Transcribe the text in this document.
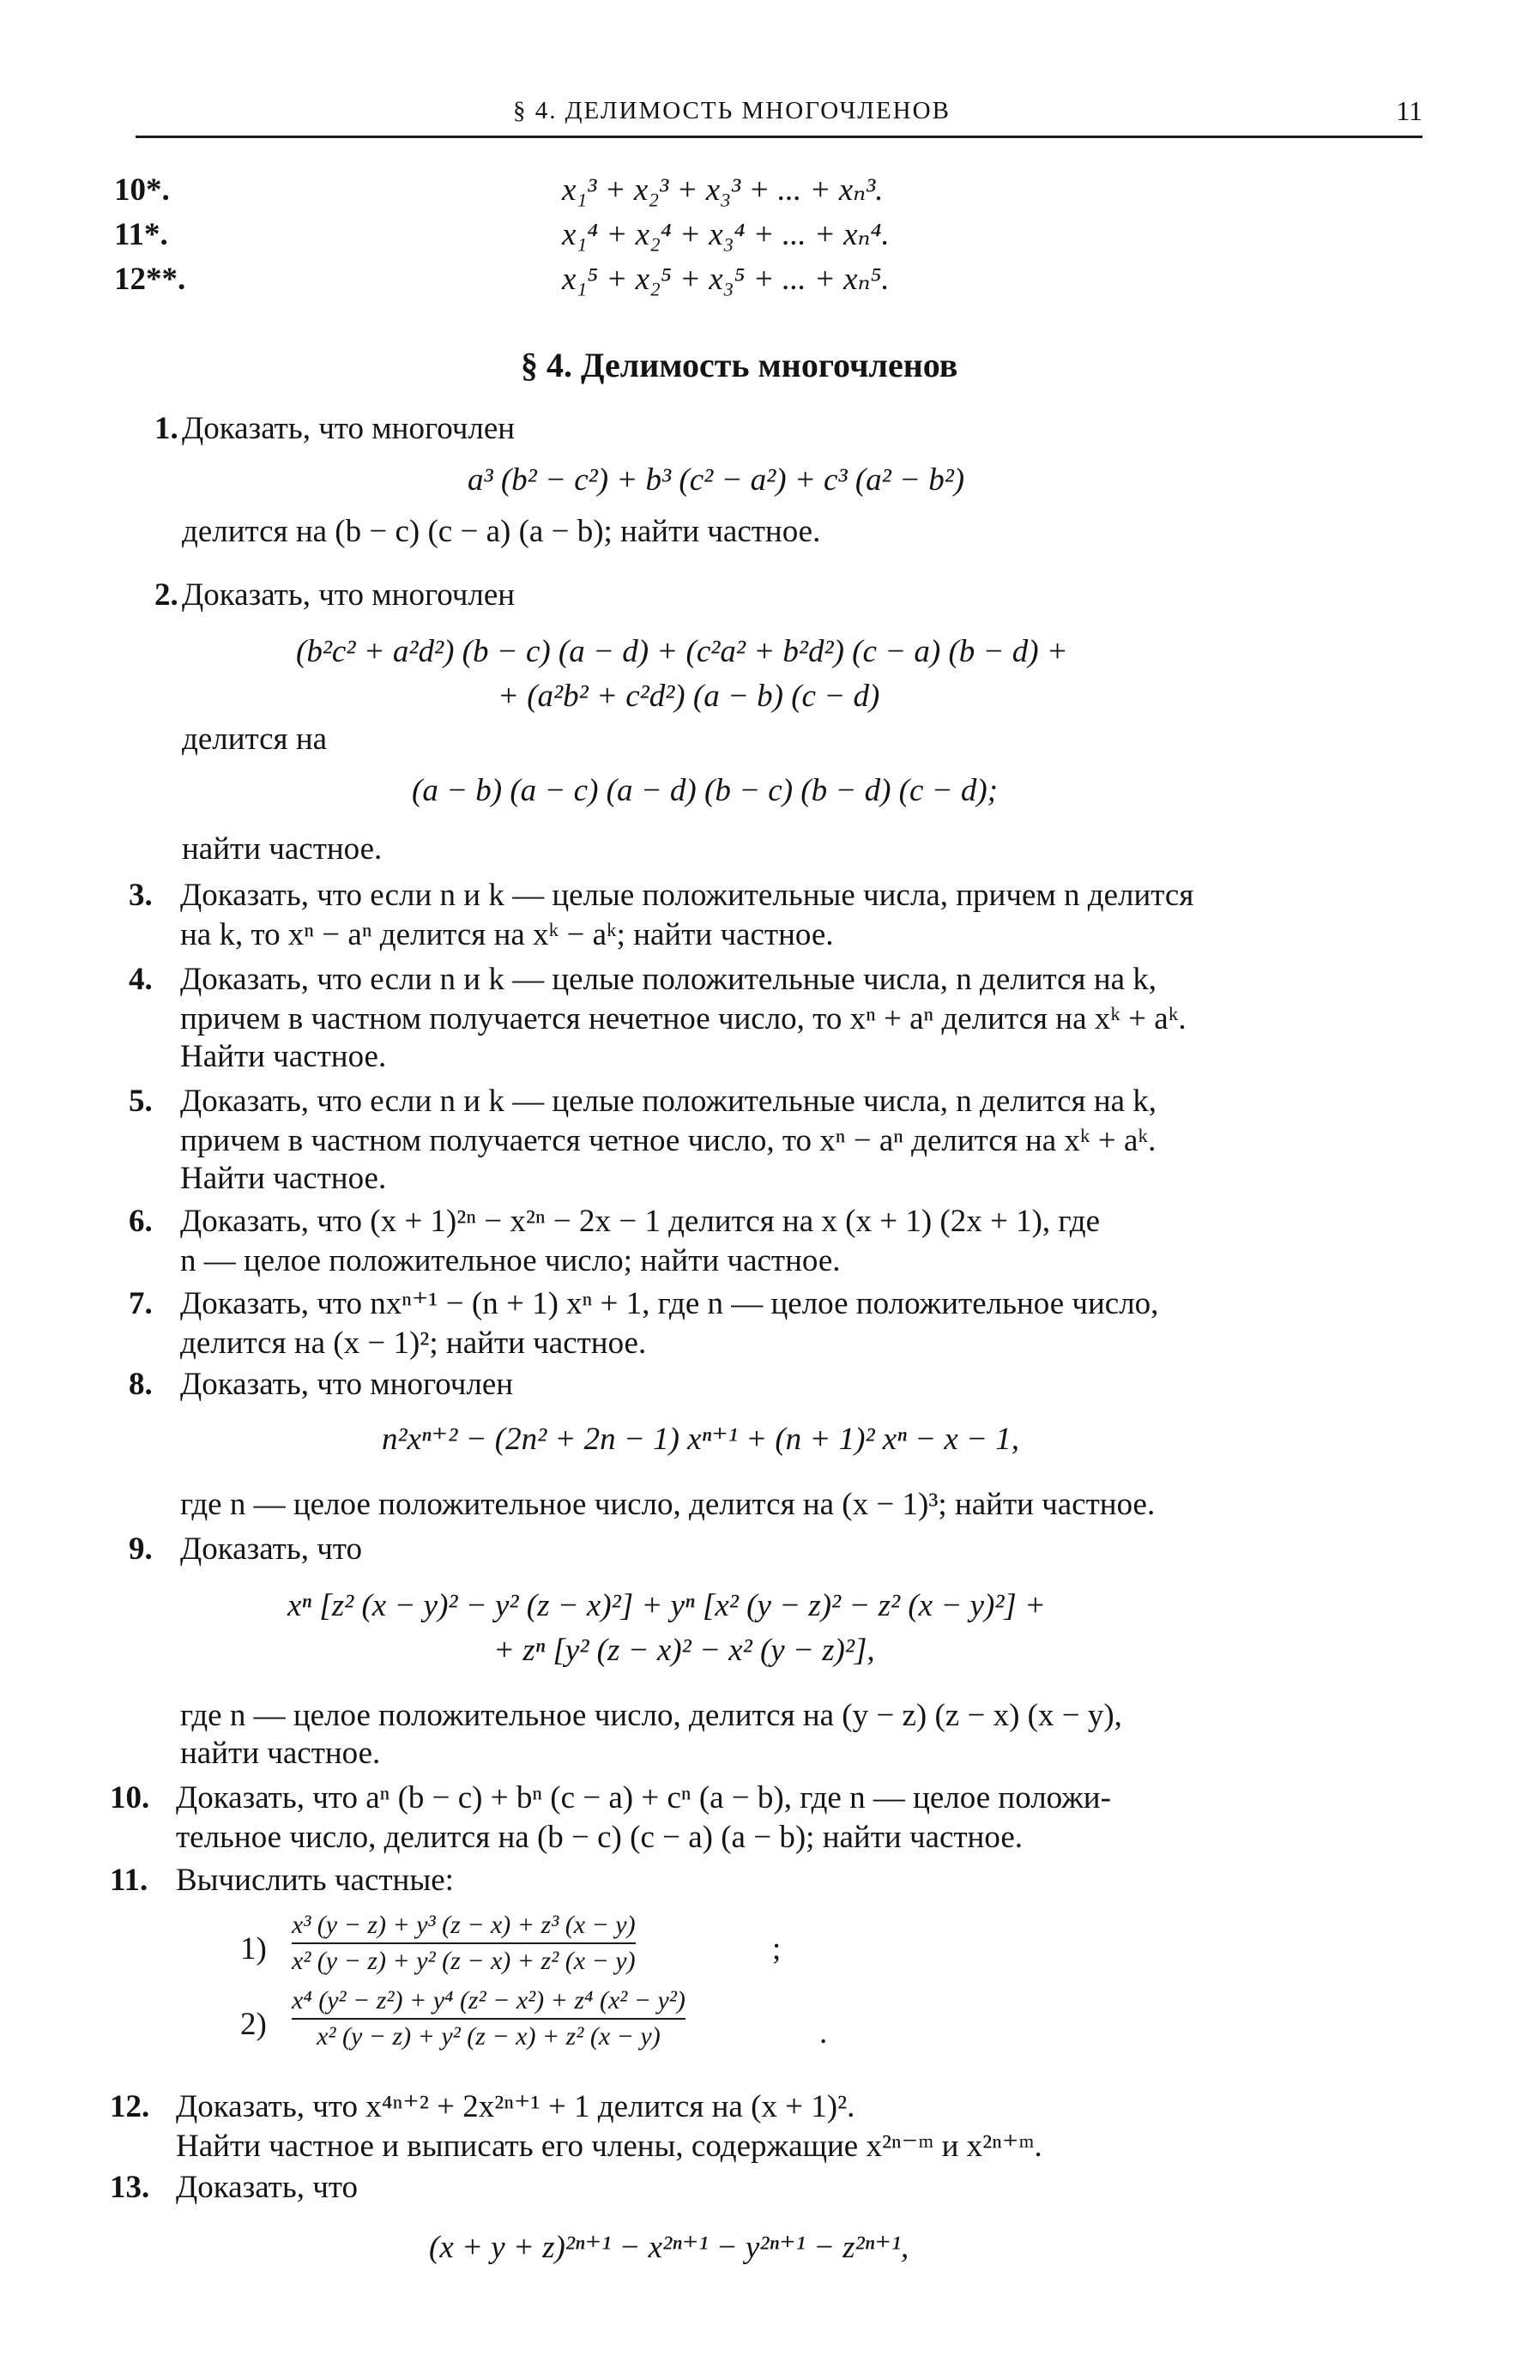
§ 4. ДЕЛИМОСТЬ МНОГОЧЛЕНОВ	11
10*.	x₁³ + x₂³ + x₃³ + ... + xₙ³.
11*.	x₁⁴ + x₂⁴ + x₃⁴ + ... + xₙ⁴.
12**.	x₁⁵ + x₂⁵ + x₃⁵ + ... + xₙ⁵.
§ 4. Делимость многочленов
1. Доказать, что многочлен
a³ (b² − c²) + b³ (c² − a²) + c³ (a² − b²)
делится на (b − c) (c − a) (a − b); найти частное.
2. Доказать, что многочлен
(b²c² + a²d²) (b − c) (a − d) + (c²a² + b²d²) (c − a) (b − d) +
+ (a²b² + c²d²) (a − b) (c − d)
делится на
(a − b) (a − c) (a − d) (b − c) (b − d) (c − d);
найти частное.
3. Доказать, что если n и k — целые положительные числа, причем n делится
на k, то xⁿ − aⁿ делится на xᵏ − aᵏ; найти частное.
4. Доказать, что если n и k — целые положительные числа, n делится на k,
причем в частном получается нечетное число, то xⁿ + aⁿ делится на xᵏ + aᵏ.
Найти частное.
5. Доказать, что если n и k — целые положительные числа, n делится на k,
причем в частном получается четное число, то xⁿ − aⁿ делится на xᵏ + aᵏ.
Найти частное.
6. Доказать, что (x + 1)²ⁿ − x²ⁿ − 2x − 1 делится на x (x + 1) (2x + 1), где
n — целое положительное число; найти частное.
7. Доказать, что nxⁿ⁺¹ − (n + 1) xⁿ + 1, где n — целое положительное число,
делится на (x − 1)²; найти частное.
8. Доказать, что многочлен
n²xⁿ⁺² − (2n² + 2n − 1) xⁿ⁺¹ + (n + 1)² xⁿ − x − 1,
где n — целое положительное число, делится на (x − 1)³; найти частное.
9. Доказать, что
xⁿ [z² (x − y)² − y² (z − x)²] + yⁿ [x² (y − z)² − z² (x − y)²] +
+ zⁿ [y² (z − x)² − x² (y − z)²],
где n — целое положительное число, делится на (y − z) (z − x) (x − y),
найти частное.
10. Доказать, что aⁿ (b − c) + bⁿ (c − a) + cⁿ (a − b), где n — целое положи-
тельное число, делится на (b − c) (c − a) (a − b); найти частное.
11. Вычислить частные:
1)
x³ (y − z) + y³ (z − x) + z³ (x − y)
x² (y − z) + y² (z − x) + z² (x − y)	;
2)
x⁴ (y² − z²) + y⁴ (z² − x²) + z⁴ (x² − y²)
x² (y − z) + y² (z − x) + z² (x − y)	.
12. Доказать, что x⁴ⁿ⁺² + 2x²ⁿ⁺¹ + 1 делится на (x + 1)².
Найти частное и выписать его члены, содержащие x²ⁿ⁻ᵐ и x²ⁿ⁺ᵐ.
13. Доказать, что
(x + y + z)²ⁿ⁺¹ − x²ⁿ⁺¹ − y²ⁿ⁺¹ − z²ⁿ⁺¹,
